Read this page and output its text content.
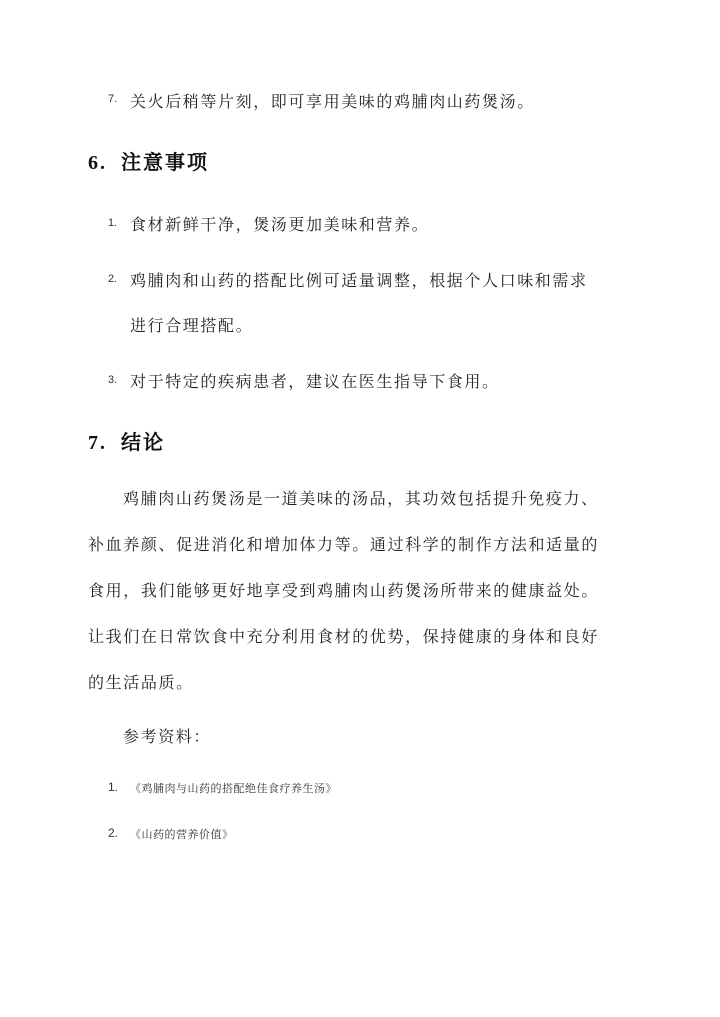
7. 关火后稍等片刻，即可享用美味的鸡脯肉山药煲汤。
6. 注意事项
1. 食材新鲜干净，煲汤更加美味和营养。
2. 鸡脯肉和山药的搭配比例可适量调整，根据个人口味和需求
进行合理搭配。
3. 对于特定的疾病患者，建议在医生指导下食用。
7. 结论
鸡脯肉山药煲汤是一道美味的汤品，其功效包括提升免疫力、
补血养颜、促进消化和增加体力等。通过科学的制作方法和适量的
食用，我们能够更好地享受到鸡脯肉山药煲汤所带来的健康益处。
让我们在日常饮食中充分利用食材的优势，保持健康的身体和良好
的生活品质。
参考资料：
1. 《鸡脯肉与山药的搭配绝佳食疗养生汤》
2. 《山药的营养价值》
